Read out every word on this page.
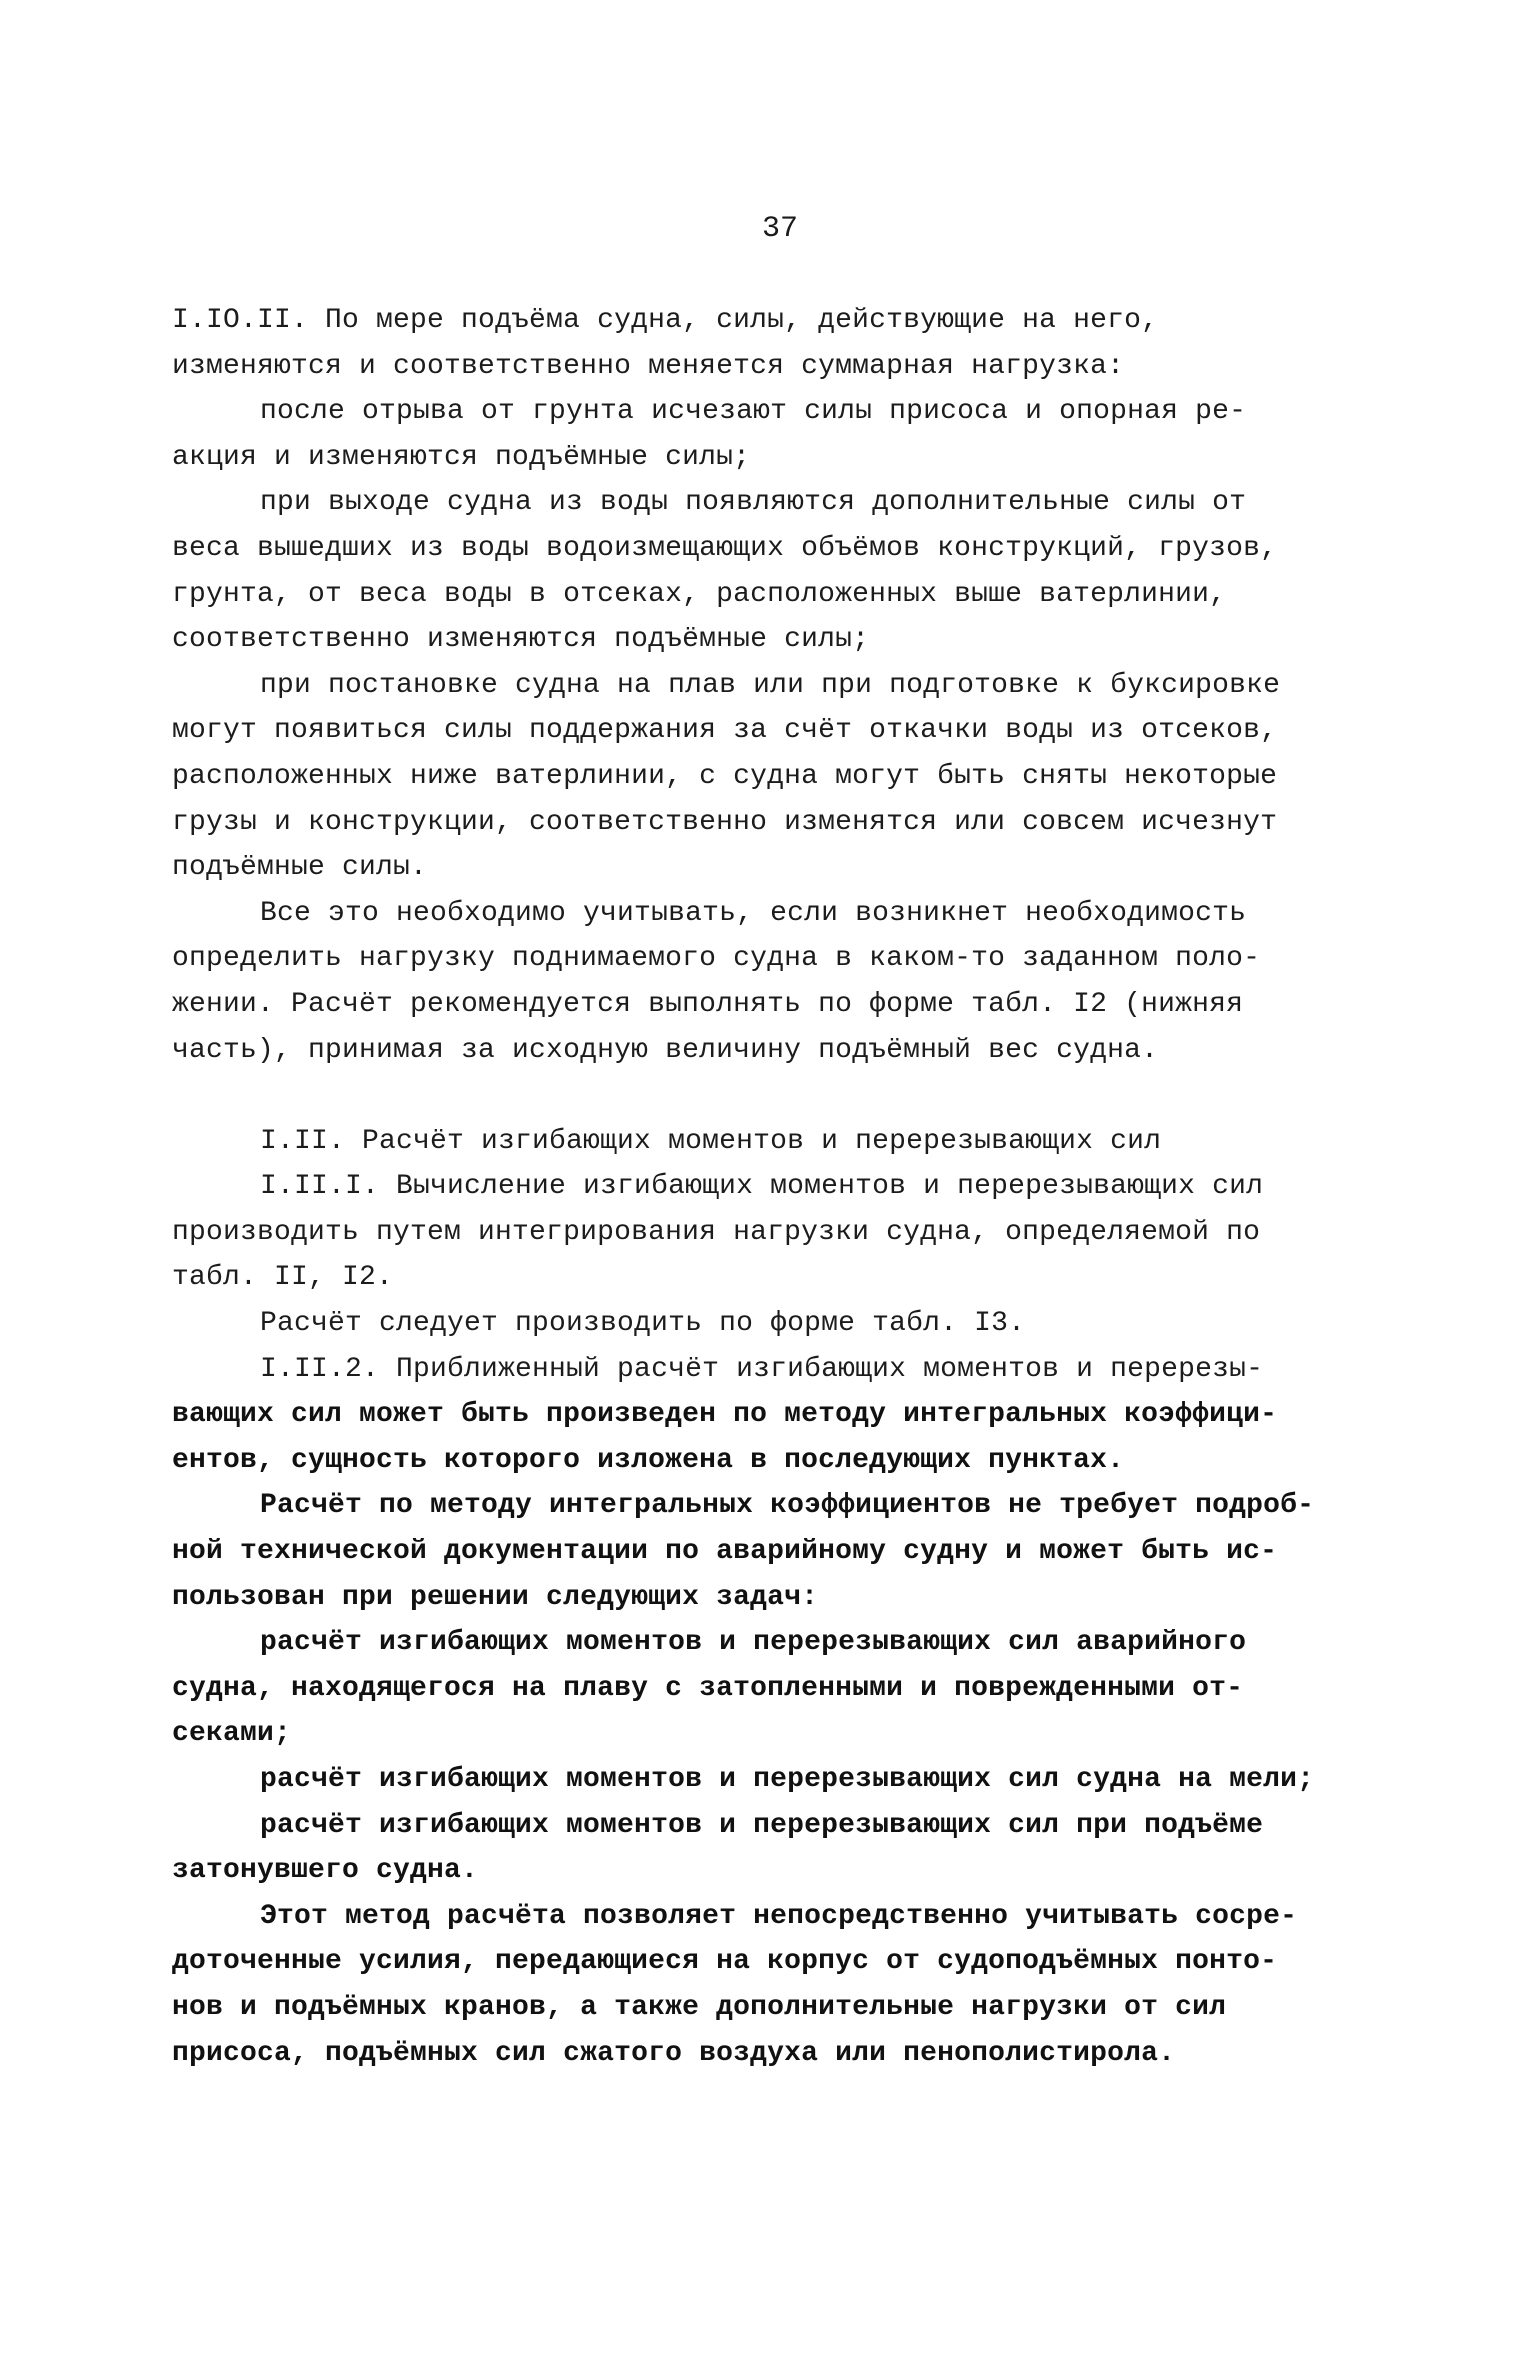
37
I.IO.II. По мере подъёма судна, силы, действующие на него,
изменяются и соответственно меняется суммарная нагрузка:
после отрыва от грунта исчезают силы присоса и опорная ре-
акция и изменяются подъёмные силы;
при выходе судна из воды появляются дополнительные силы от
веса вышедших из воды водоизмещающих объёмов конструкций, грузов,
грунта, от веса воды в отсеках, расположенных выше ватерлинии,
соответственно изменяются подъёмные силы;
при постановке судна на плав или при подготовке к буксировке
могут появиться силы поддержания за счёт откачки воды из отсеков,
расположенных ниже ватерлинии, с судна могут быть сняты некоторые
грузы и конструкции, соответственно изменятся или совсем исчезнут
подъёмные силы.
Все это необходимо учитывать, если возникнет необходимость
определить нагрузку поднимаемого судна в каком-то заданном поло-
жении. Расчёт рекомендуется выполнять по форме табл. I2 (нижняя
часть), принимая за исходную величину подъёмный вес судна.
I.II. Расчёт изгибающих моментов и перерезывающих сил
I.II.I. Вычисление изгибающих моментов и перерезывающих сил
производить путем интегрирования нагрузки судна, определяемой по
табл. II, I2.
Расчёт следует производить по форме табл. I3.
I.II.2. Приближенный расчёт изгибающих моментов и перерезы-
вающих сил может быть произведен по методу интегральных коэффици-
ентов, сущность которого изложена в последующих пунктах.
Расчёт по методу интегральных коэффициентов не требует подроб-
ной технической документации по аварийному судну и может быть ис-
пользован при решении следующих задач:
расчёт изгибающих моментов и перерезывающих сил аварийного
судна, находящегося на плаву с затопленными и поврежденными от-
секами;
расчёт изгибающих моментов и перерезывающих сил судна на мели;
расчёт изгибающих моментов и перерезывающих сил при подъёме
затонувшего судна.
Этот метод расчёта позволяет непосредственно учитывать сосре-
доточенные усилия, передающиеся на корпус от судоподъёмных понто-
нов и подъёмных кранов, а также дополнительные нагрузки от сил
присоса, подъёмных сил сжатого воздуха или пенополистирола.
